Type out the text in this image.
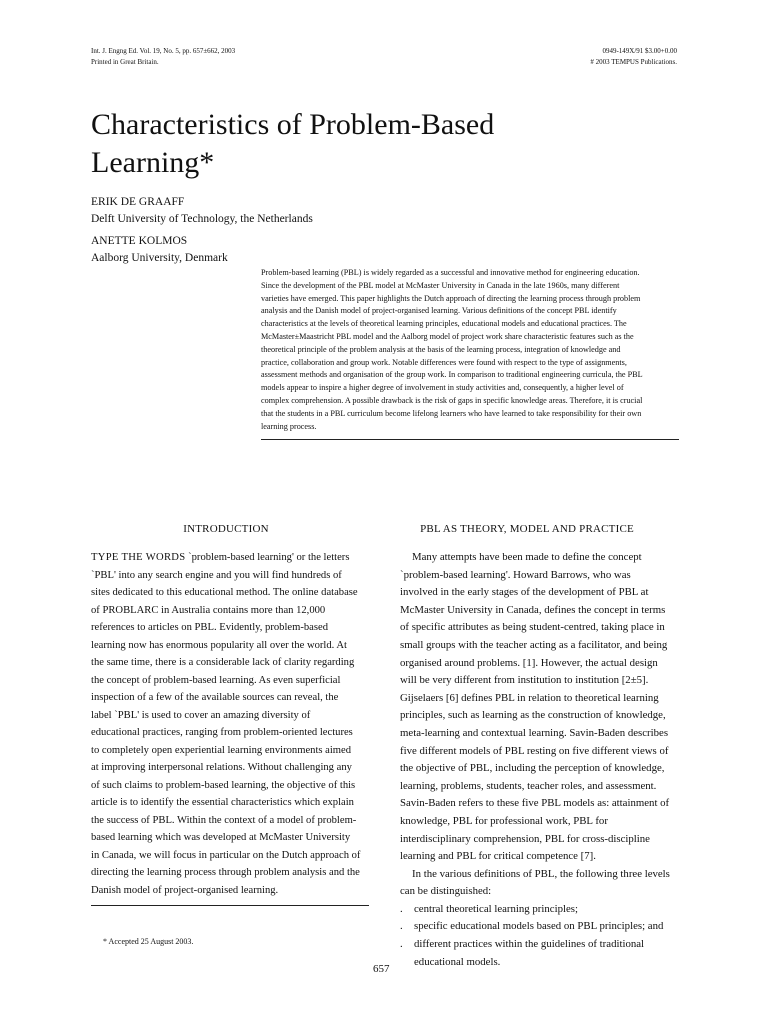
Int. J. Engng Ed. Vol. 19, No. 5, pp. 657±662, 2003
Printed in Great Britain.
0949-149X/91 $3.00+0.00
# 2003 TEMPUS Publications.
Characteristics of Problem-Based Learning*
ERIK DE GRAAFF
Delft University of Technology, the Netherlands
ANETTE KOLMOS
Aalborg University, Denmark
Problem-based learning (PBL) is widely regarded as a successful and innovative method for engineering education. Since the development of the PBL model at McMaster University in Canada in the late 1960s, many different varieties have emerged. This paper highlights the Dutch approach of directing the learning process through problem analysis and the Danish model of project-organised learning. Various definitions of the concept PBL identify characteristics at the levels of theoretical learning principles, educational models and educational practices. The McMaster±Maastricht PBL model and the Aalborg model of project work share characteristic features such as the theoretical principle of the problem analysis at the basis of the learning process, integration of knowledge and practice, collaboration and group work. Notable differences were found with respect to the type of assignments, assessment methods and organisation of the group work. In comparison to traditional engineering curricula, the PBL models appear to inspire a higher degree of involvement in study activities and, consequently, a higher level of complex comprehension. A possible drawback is the risk of gaps in specific knowledge areas. Therefore, it is crucial that the students in a PBL curriculum become lifelong learners who have learned to take responsibility for their own learning process.
INTRODUCTION	PBL AS THEORY, MODEL AND PRACTICE

TYPE THE WORDS `problem-based learning' or the letters `PBL' into any search engine and you will find hundreds of sites dedicated to this educational method. The online database of PROBLARC in Australia contains more than 12,000 references to articles on PBL. Evidently, problem-based learning now has enormous popularity all over the world. At the same time, there is a considerable lack of clarity regarding the concept of problem-based learning. As even superficial inspection of a few of the available sources can reveal, the label `PBL' is used to cover an amazing diversity of educational practices, ranging from problem-oriented lectures to completely open experiential learning environments aimed at improving interpersonal relations. Without challenging any of such claims to problem-based learning, the objective of this article is to identify the essential characteristics which explain the success of PBL. Within the context of a model of problem-based learning which was developed at McMaster University in Canada, we will focus in particular on the Dutch approach of directing the learning process through problem analysis and the Danish model of project-organised learning.

Many attempts have been made to define the concept `problem-based learning'. Howard Barrows, who was involved in the early stages of the development of PBL at McMaster University in Canada, defines the concept in terms of specific attributes as being student-centred, taking place in small groups with the teacher acting as a facilitator, and being organised around problems. [1]. However, the actual design will be very different from institution to institution [2±5]. Gijselaers [6] defines PBL in relation to theoretical learning principles, such as learning as the construction of knowledge, meta-learning and contextual learning. Savin-Baden describes five different models of PBL resting on five different views of the objective of PBL, including the perception of knowledge, learning, problems, students, teacher roles, and assessment. Savin-Baden refers to these five PBL models as: attainment of knowledge, PBL for professional work, PBL for interdisciplinary comprehension, PBL for cross-discipline learning and PBL for critical competence [7].

In the various definitions of PBL, the following three levels can be distinguished:

. central theoretical learning principles;
. specific educational models based on PBL principles; and
. different practices within the guidelines of traditional educational models.
* Accepted 25 August 2003.
657
